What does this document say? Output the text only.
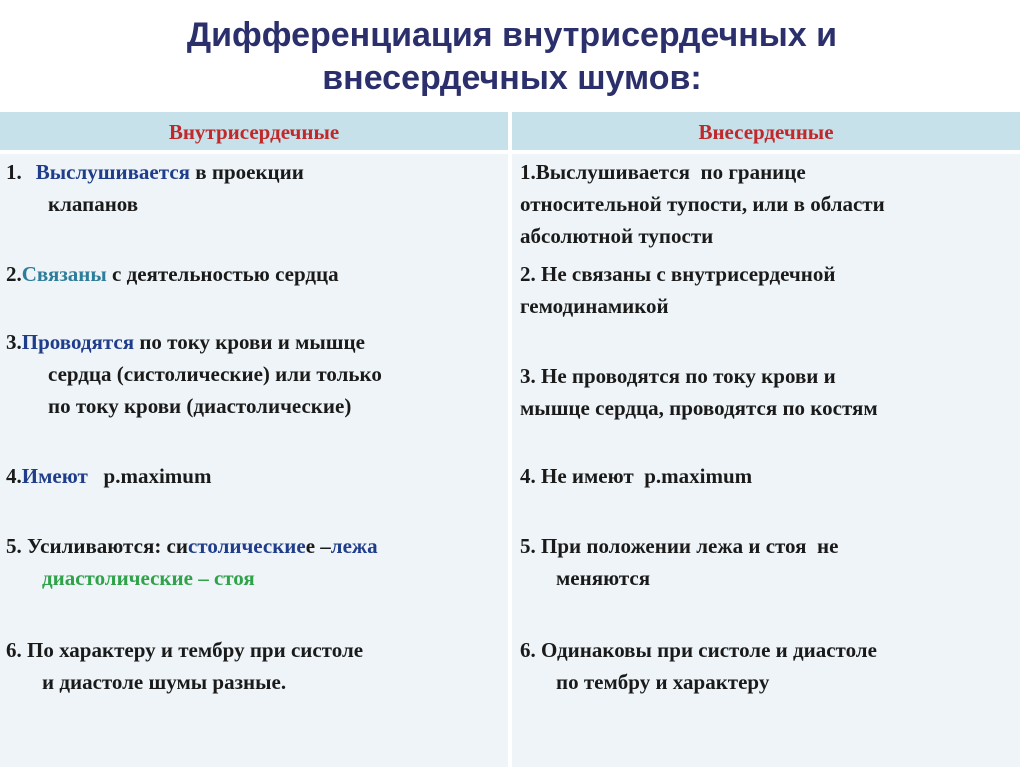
Дифференциация внутрисердечных и
внесердечных шумов:
Внутрисердечные	Внесердечные
1. Выслушивается в проекции
клапанов
2.Связаны с деятельностью сердца
3.Проводятся по току крови и мышце
сердца (систолические) или только
по току крови (диастолические)
4.Имеют   p.maximum
5. Усиливаются: систолическиее –лежа
диастолические – стоя
6. По характеру и тембру при систоле
и диастоле шумы разные.
1.Выслушивается  по границе
относительной тупости, или в области
абсолютной тупости
2. Не связаны с внутрисердечной
гемодинамикой
3. Не проводятся по току крови и
мышце сердца, проводятся по костям
4. Не имеют  p.maximum
5. При положении лежа и стоя  не
меняются
6. Одинаковы при систоле и диастоле
по тембру и характеру
